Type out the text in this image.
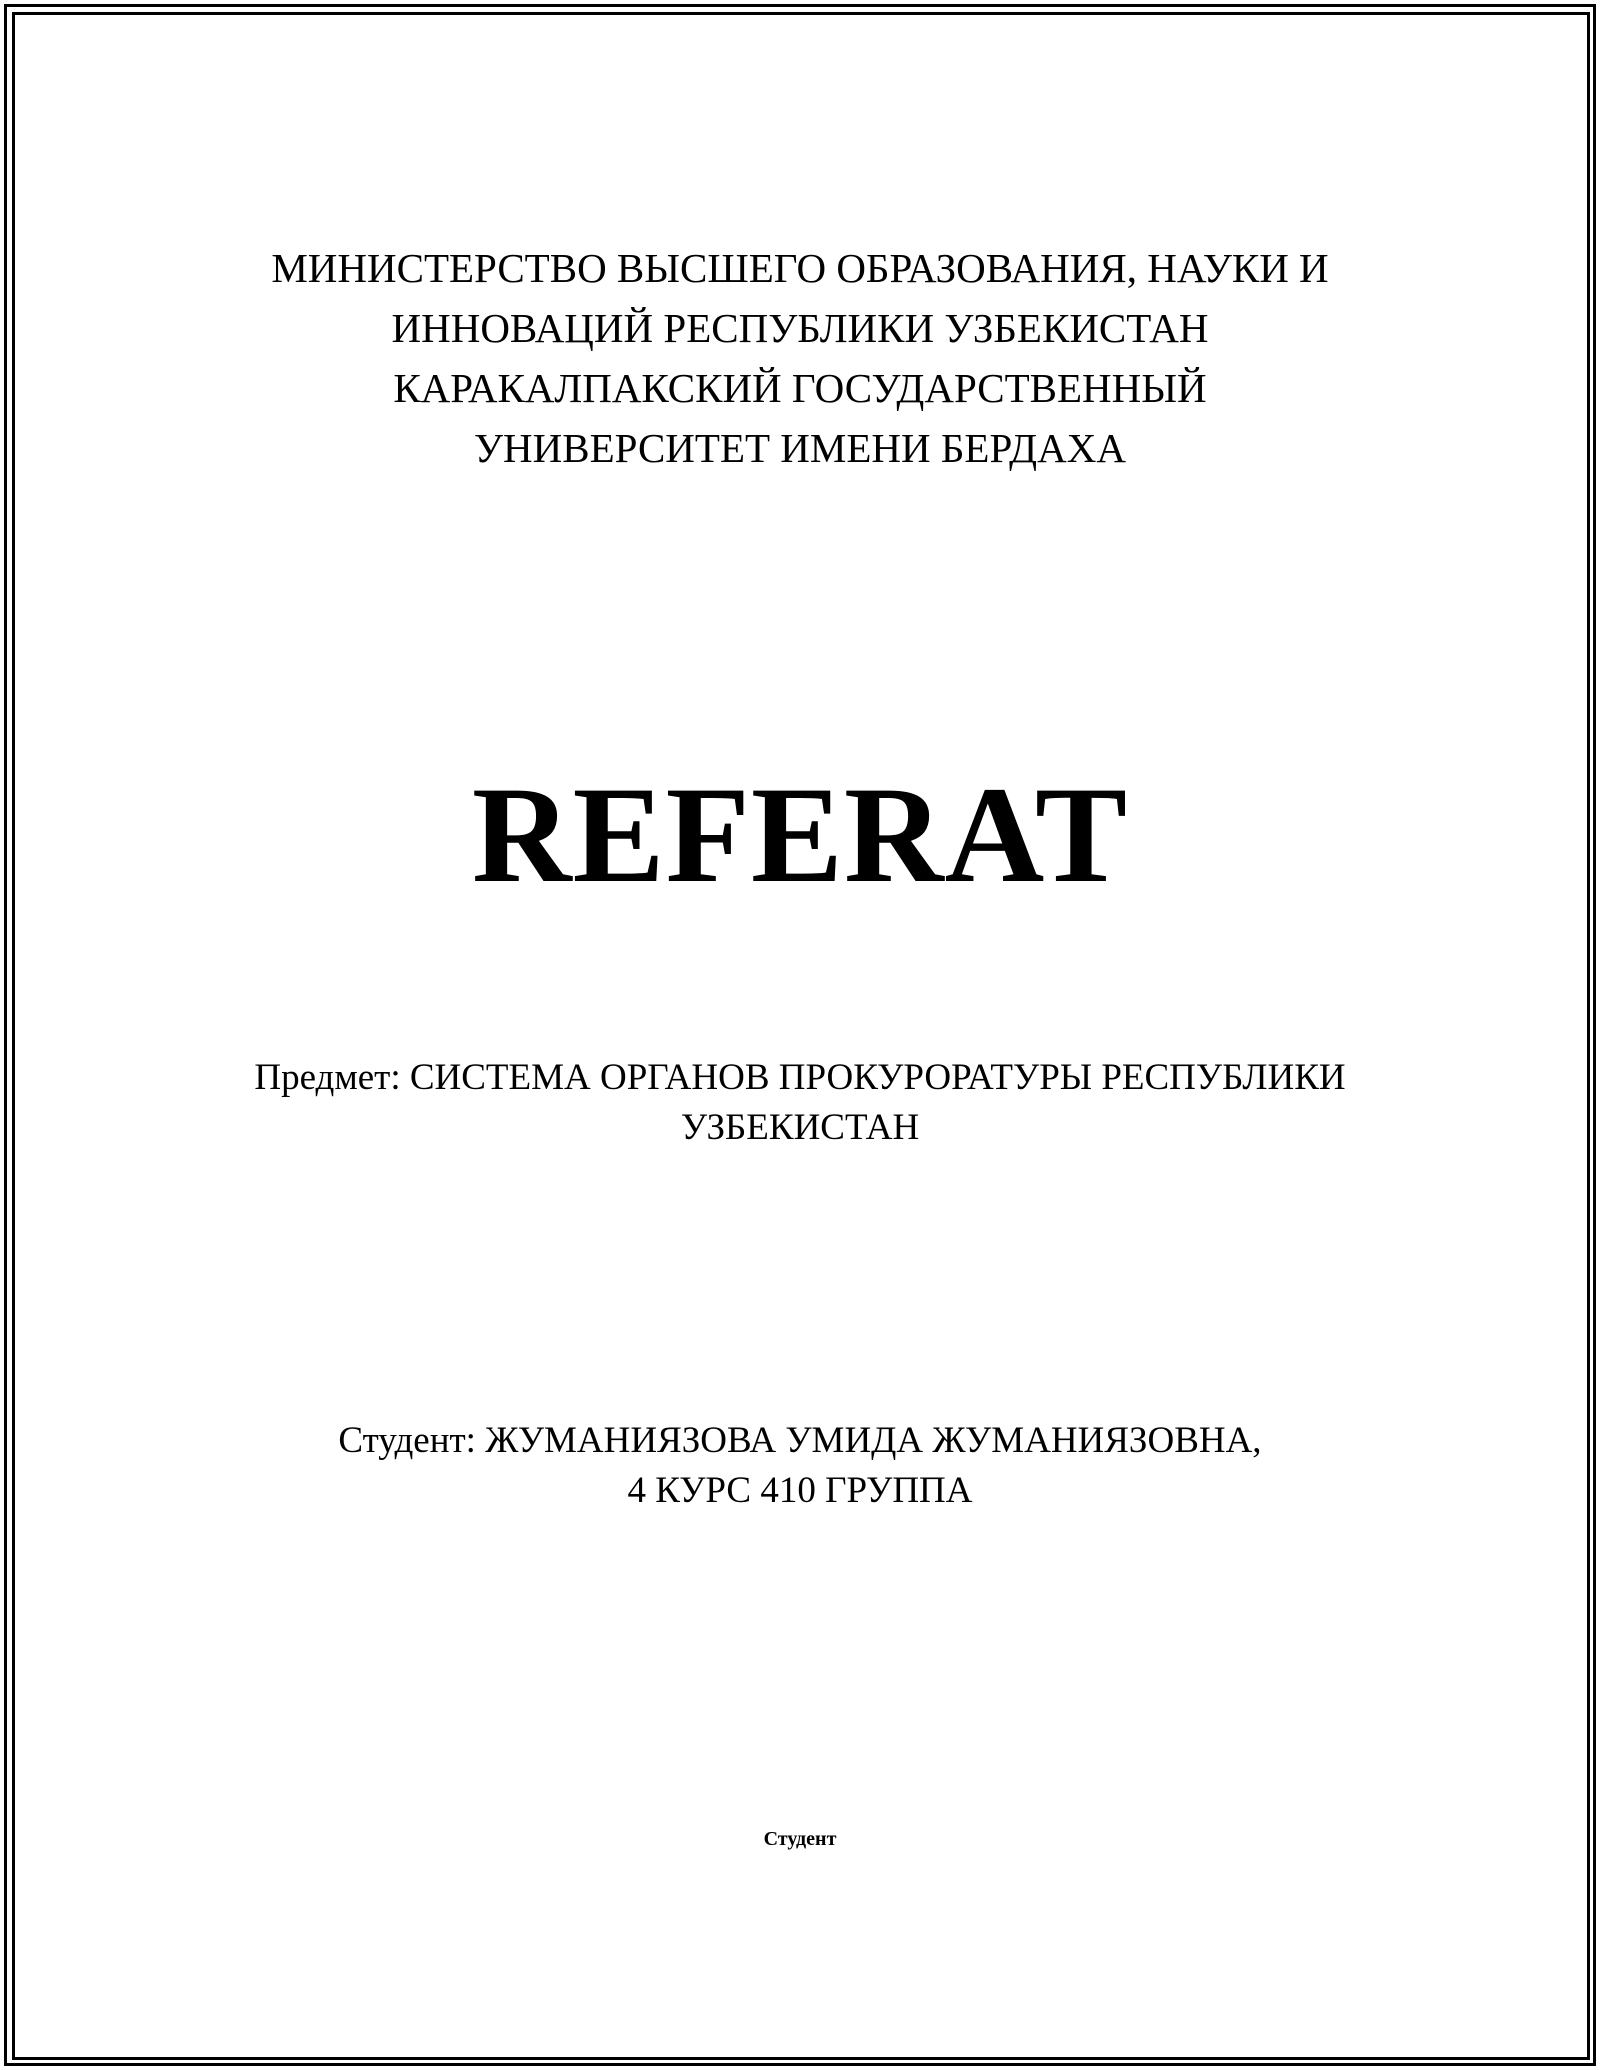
МИНИСТЕРСТВО ВЫСШЕГО ОБРАЗОВАНИЯ, НАУКИ И
ИННОВАЦИЙ РЕСПУБЛИКИ УЗБЕКИСТАН
КАРАКАЛПАКСКИЙ ГОСУДАРСТВЕННЫЙ
УНИВЕРСИТЕТ ИМЕНИ БЕРДАХА
REFERAT
Предмет: СИСТЕМА ОРГАНОВ ПРОКУРОРАТУРЫ РЕСПУБЛИКИ
УЗБЕКИСТАН
Студент: ЖУМАНИЯЗОВА УМИДА ЖУМАНИЯЗОВНА,
4 КУРС 410 ГРУППА
Студент
